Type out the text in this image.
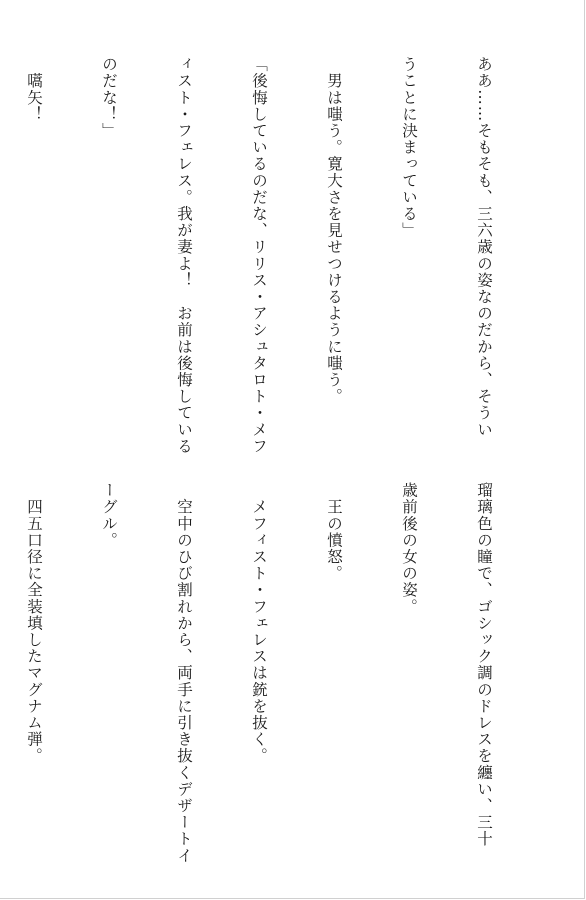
ああ……そもそも、三六歳の姿なのだから、そうい

うことに決まっている」

　男は嗤う。寛大さを見せつけるように嗤う。

「後悔しているのだな、リリス・アシュタロト・メフ

ィスト・フェレス。我が妻よ！　お前は後悔している

のだな！」

　嚆矢！

瑠璃色の瞳で、ゴシック調のドレスを纏い、三十

歳前後の女の姿。

　王の憤怒。

　メフィスト・フェレスは銃を抜く。

　空中のひび割れから、両手に引き抜くデザートイ

ーグル。

　四五口径に全装填したマグナム弾。
